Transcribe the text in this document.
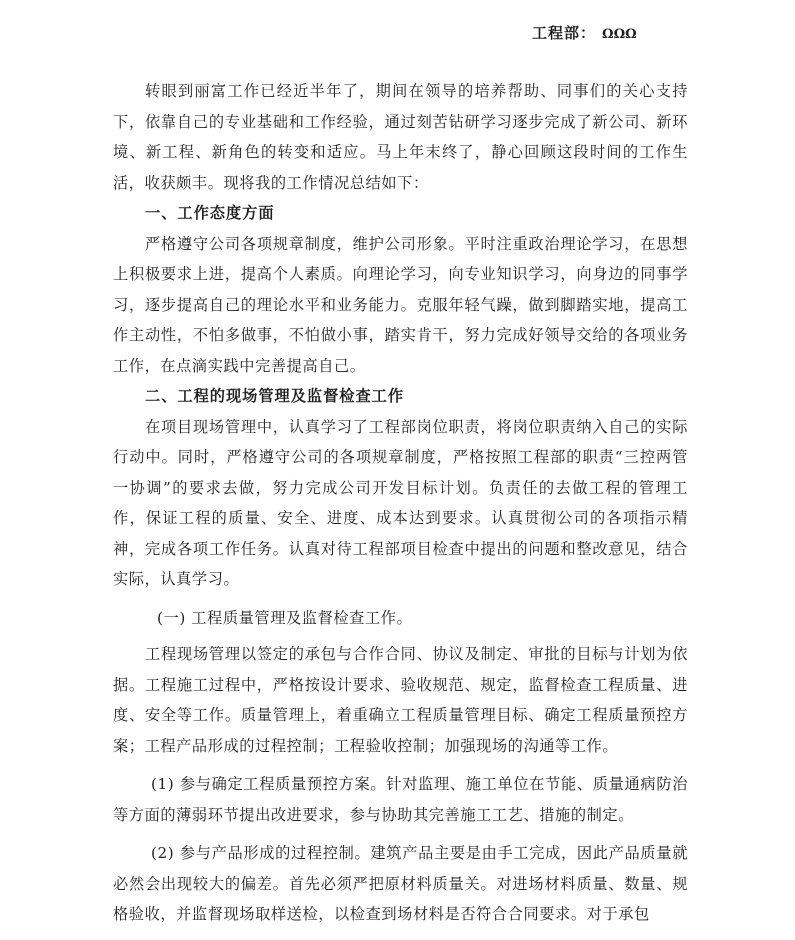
工程部： ΩΩΩ

转眼到丽富工作已经近半年了，期间在领导的培养帮助、同事们的关心支持下，依靠自己的专业基础和工作经验，通过刻苦钻研学习逐步完成了新公司、新环境、新工程、新角色的转变和适应。马上年末终了，静心回顾这段时间的工作生活，收获颇丰。现将我的工作情况总结如下：

一、工作态度方面

严格遵守公司各项规章制度，维护公司形象。平时注重政治理论学习，在思想上积极要求上进，提高个人素质。向理论学习，向专业知识学习，向身边的同事学习，逐步提高自己的理论水平和业务能力。克服年轻气躁，做到脚踏实地，提高工作主动性，不怕多做事，不怕做小事，踏实肯干，努力完成好领导交给的各项业务工作，在点滴实践中完善提高自己。

二、工程的现场管理及监督检查工作

在项目现场管理中，认真学习了工程部岗位职责，将岗位职责纳入自己的实际行动中。同时，严格遵守公司的各项规章制度，严格按照工程部的职责“三控两管一协调”的要求去做，努力完成公司开发目标计划。负责任的去做工程的管理工作，保证工程的质量、安全、进度、成本达到要求。认真贯彻公司的各项指示精神，完成各项工作任务。认真对待工程部项目检查中提出的问题和整改意见，结合实际，认真学习。

(一) 工程质量管理及监督检查工作。

工程现场管理以签定的承包与合作合同、协议及制定、审批的目标与计划为依据。工程施工过程中，严格按设计要求、验收规范、规定，监督检查工程质量、进度、安全等工作。质量管理上，着重确立工程质量管理目标、确定工程质量预控方案；工程产品形成的过程控制；工程验收控制；加强现场的沟通等工作。

(1) 参与确定工程质量预控方案。针对监理、施工单位在节能、质量通病防治等方面的薄弱环节提出改进要求，参与协助其完善施工工艺、措施的制定。

(2) 参与产品形成的过程控制。建筑产品主要是由手工完成，因此产品质量就必然会出现较大的偏差。首先必须严把原材料质量关。对进场材料质量、数量、规格验收，并监督现场取样送检，以检查到场材料是否符合合同要求。对于承包
